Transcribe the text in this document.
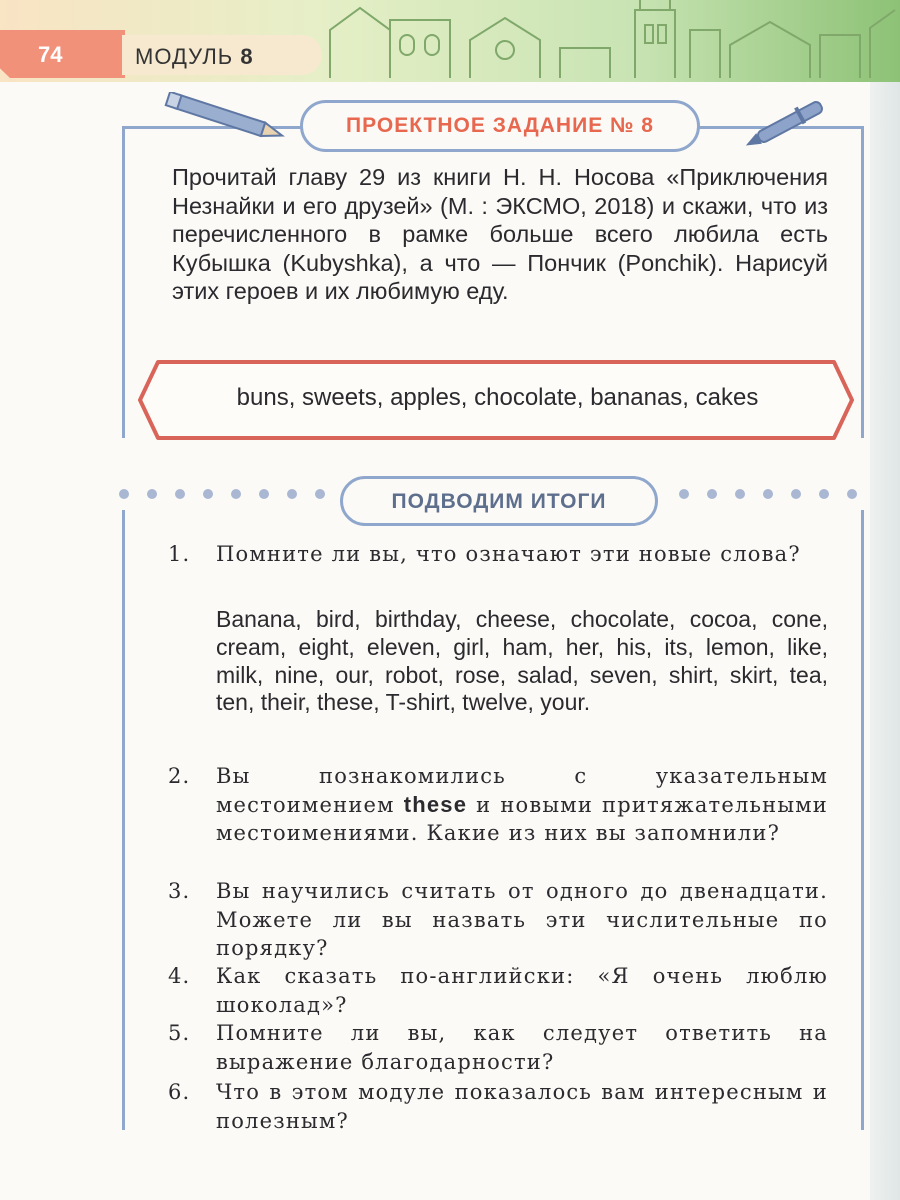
74	МОДУЛЬ 8
ПРОЕКТНОЕ ЗАДАНИЕ № 8
Прочитай главу 29 из книги Н. Н. Носова «Приключения Незнайки и его друзей» (М. : ЭКСМО, 2018) и скажи, что из перечисленного в рамке больше всего любила есть Кубышка (Kubyshka), а что — Пончик (Ponchik). Нарисуй этих героев и их любимую еду.
buns, sweets, apples, chocolate, bananas, cakes
ПОДВОДИМ ИТОГИ
1. Помните ли вы, что означают эти новые слова?
Banana, bird, birthday, cheese, chocolate, cocoa, cone, cream, eight, eleven, girl, ham, her, his, its, lemon, like, milk, nine, our, robot, rose, salad, seven, shirt, skirt, tea, ten, their, these, T-shirt, twelve, your.
2. Вы познакомились с указательным местоимением these и новыми притяжательными местоимениями. Какие из них вы запомнили?
3. Вы научились считать от одного до двенадцати. Можете ли вы назвать эти числительные по порядку?
4. Как сказать по-английски: «Я очень люблю шоколад»?
5. Помните ли вы, как следует ответить на выражение благодарности?
6. Что в этом модуле показалось вам интересным и полезным?
